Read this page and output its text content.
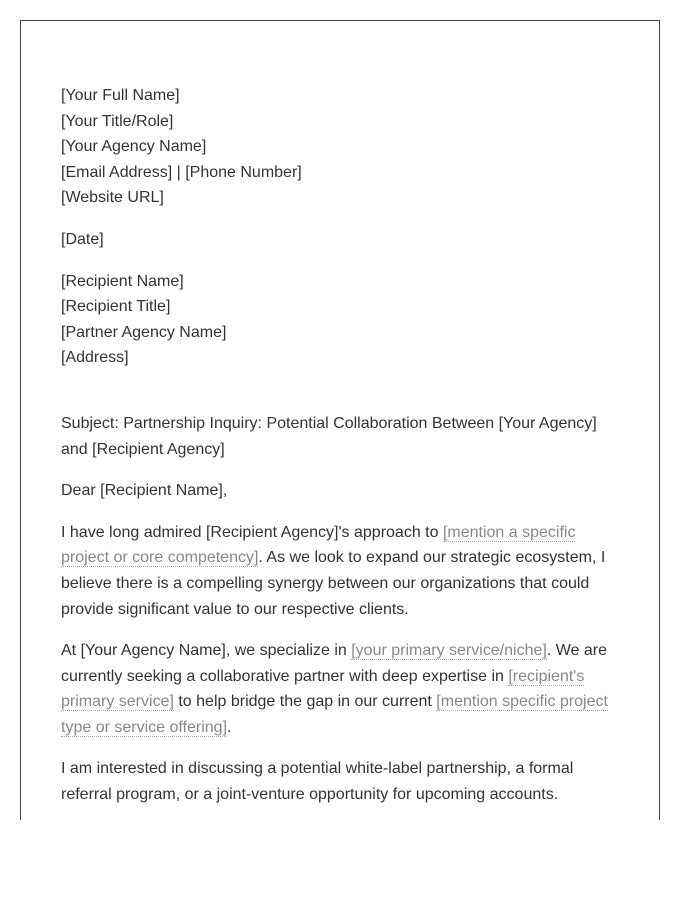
[Your Full Name]
[Your Title/Role]
[Your Agency Name]
[Email Address] | [Phone Number]
[Website URL]
[Date]
[Recipient Name]
[Recipient Title]
[Partner Agency Name]
[Address]

Subject: Partnership Inquiry: Potential Collaboration Between [Your Agency] and [Recipient Agency]

Dear [Recipient Name],

I have long admired [Recipient Agency]'s approach to [mention a specific project or core competency]. As we look to expand our strategic ecosystem, I believe there is a compelling synergy between our organizations that could provide significant value to our respective clients.

At [Your Agency Name], we specialize in [your primary service/niche]. We are currently seeking a collaborative partner with deep expertise in [recipient's primary service] to help bridge the gap in our current [mention specific project type or service offering].

I am interested in discussing a potential white-label partnership, a formal referral program, or a joint-venture opportunity for upcoming accounts.
